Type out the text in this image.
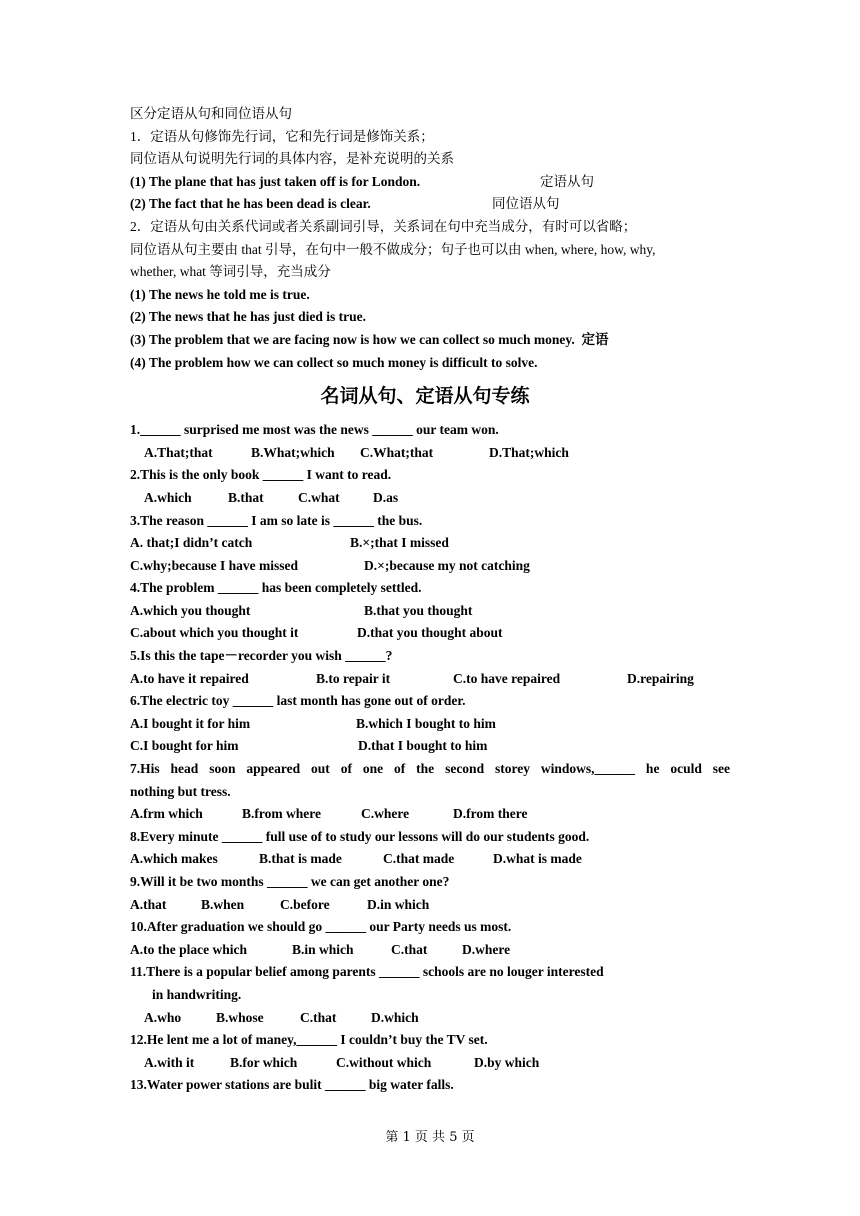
区分定语从句和同位语从句
1．定语从句修饰先行词，它和先行词是修饰关系；
同位语从句说明先行词的具体内容，是补充说明的关系
(1) The plane that has just taken off is for London.	定语从句
(2) The fact that he has been dead is clear.	同位语从句
2．定语从句由关系代词或者关系副词引导，关系词在句中充当成分，有时可以省略；
同位语从句主要由 that 引导，在句中一般不做成分；句子也可以由 when, where, how, why,
whether, what 等词引导，充当成分
(1) The news he told me is true.
(2) The news that he has just died is true.
(3) The problem that we are facing now is how we can collect so much money.  定语
(4) The problem how we can collect so much money is difficult to solve.
名词从句、定语从句专练
1.______ surprised me most was the news ______ our team won.
A.That;that	B.What;which	C.What;that	D.That;which
2.This is the only book ______ I want to read.
A.which	B.that	C.what	D.as
3.The reason ______ I am so late is ______ the bus.
A. that;I didn’t catch	B.×;that I missed
C.why;because I have missed	D.×;because my not catching
4.The problem ______ has been completely settled.
A.which you thought	B.that you thought
C.about which you thought it	D.that you thought about
5.Is this the tape－recorder you wish ______?
A.to have it repaired	B.to repair it	C.to have repaired	D.repairing
6.The electric toy ______ last month has gone out of order.
A.I bought it for him	B.which I bought to him
C.I bought for him	D.that I bought to him
7.His head soon appeared out of one of the second storey windows,______ he oculd see
nothing but tress.
A.frm which	B.from where	C.where	D.from there
8.Every minute ______ full use of to study our lessons will do our students good.
A.which makes	B.that is made	C.that made	D.what is made
9.Will it be two months ______ we can get another one?
A.that	B.when	C.before	D.in which
10.After graduation we should go ______ our Party needs us most.
A.to the place which	B.in which	C.that	D.where
11.There is a popular belief among parents ______ schools are no louger interested
in handwriting.
A.who	B.whose	C.that	D.which
12.He lent me a lot of maney,______ I couldn’t buy the TV set.
A.with it	B.for which	C.without which	D.by which
13.Water power stations are bulit ______ big water falls.
第 1 页 共 5 页
